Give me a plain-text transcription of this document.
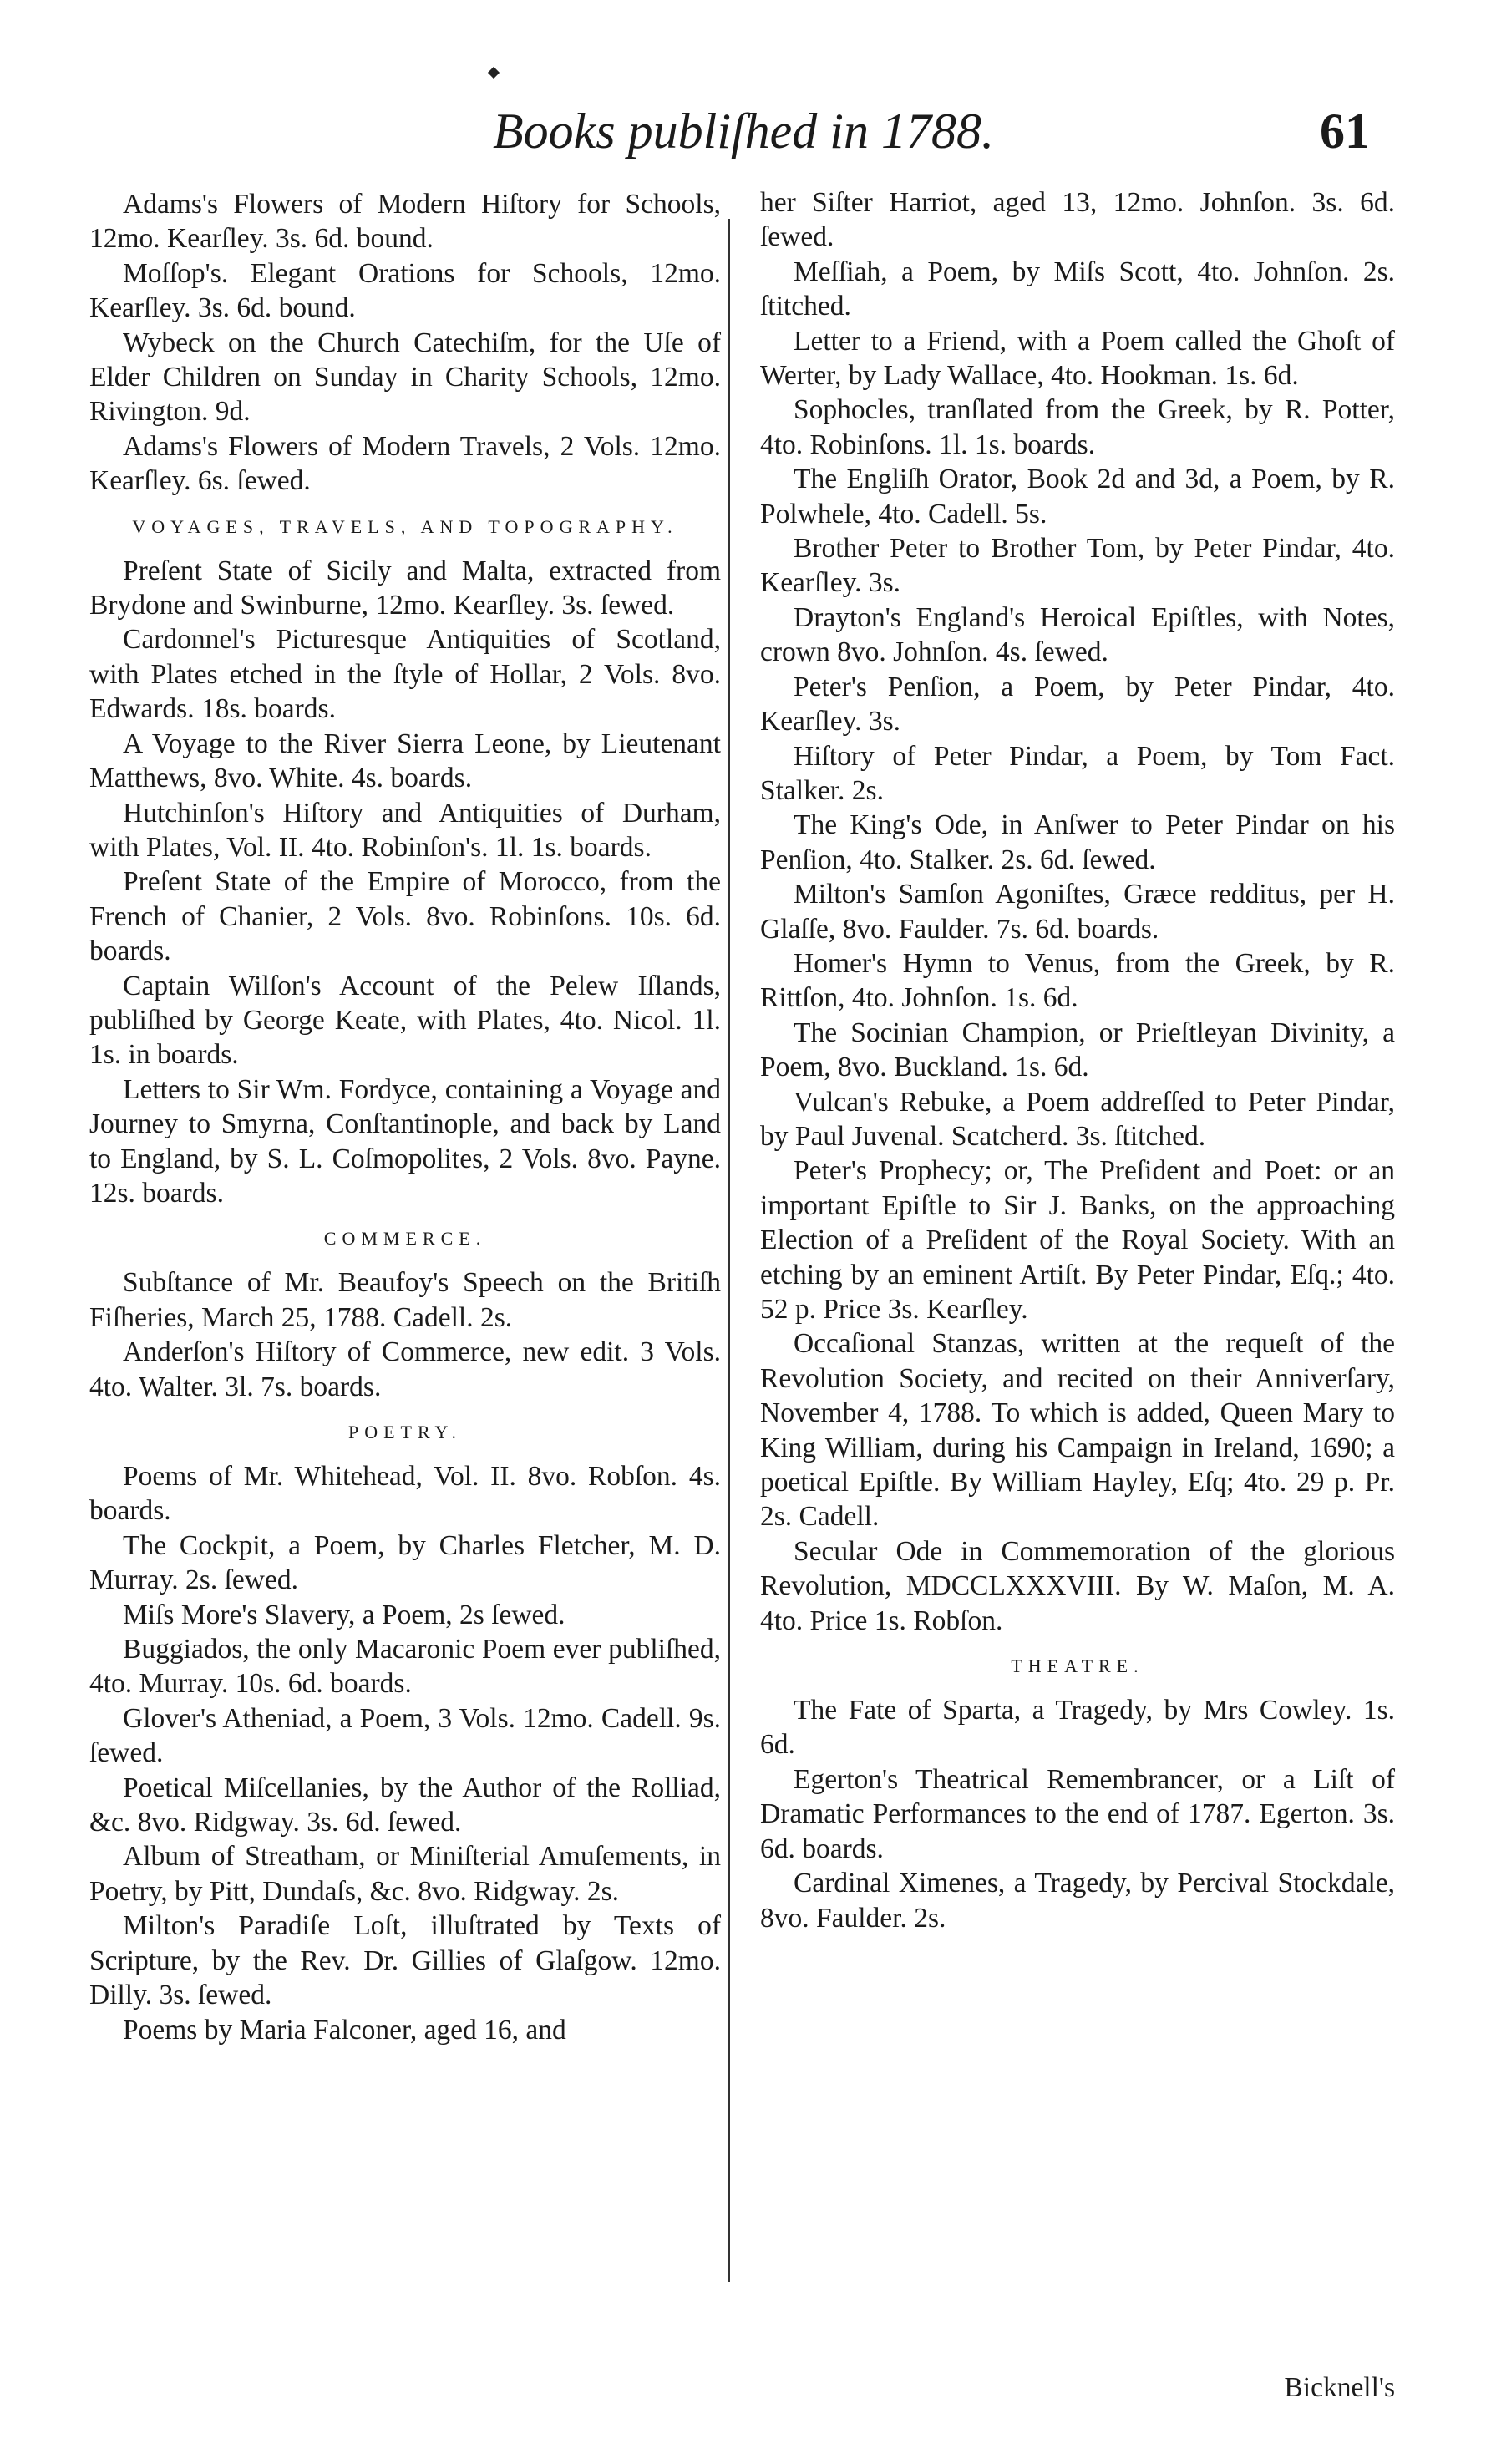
Books publiſhed in 1788.	61

Adams's Flowers of Modern Hiſtory for Schools, 12mo. Kearſley. 3s. 6d. bound.

Moſſop's. Elegant Orations for Schools, 12mo. Kearſley. 3s. 6d. bound.

Wybeck on the Church Catechiſm, for the Uſe of Elder Children on Sunday in Charity Schools, 12mo. Rivington. 9d.

Adams's Flowers of Modern Travels, 2 Vols. 12mo. Kearſley. 6s. ſewed.

VOYAGES, TRAVELS, AND TOPOGRAPHY.

Preſent State of Sicily and Malta, extracted from Brydone and Swinburne, 12mo. Kearſley. 3s. ſewed.

Cardonnel's Picturesque Antiquities of Scotland, with Plates etched in the ſtyle of Hollar, 2 Vols. 8vo. Edwards. 18s. boards.

A Voyage to the River Sierra Leone, by Lieutenant Matthews, 8vo. White. 4s. boards.

Hutchinſon's Hiſtory and Antiquities of Durham, with Plates, Vol. II. 4to. Robinſon's. 1l. 1s. boards.

Preſent State of the Empire of Morocco, from the French of Chanier, 2 Vols. 8vo. Robinſons. 10s. 6d. boards.

Captain Wilſon's Account of the Pelew Iſlands, publiſhed by George Keate, with Plates, 4to. Nicol. 1l. 1s. in boards.

Letters to Sir Wm. Fordyce, containing a Voyage and Journey to Smyrna, Conſtantinople, and back by Land to England, by S. L. Coſmopolites, 2 Vols. 8vo. Payne. 12s. boards.

COMMERCE.

Subſtance of Mr. Beaufoy's Speech on the Britiſh Fiſheries, March 25, 1788. Cadell. 2s.

Anderſon's Hiſtory of Commerce, new edit. 3 Vols. 4to. Walter. 3l. 7s. boards.

POETRY.

Poems of Mr. Whitehead, Vol. II. 8vo. Robſon. 4s. boards.

The Cockpit, a Poem, by Charles Fletcher, M. D. Murray. 2s. ſewed.

Miſs More's Slavery, a Poem, 2s ſewed.

Buggiados, the only Macaronic Poem ever publiſhed, 4to. Murray. 10s. 6d. boards.

Glover's Atheniad, a Poem, 3 Vols. 12mo. Cadell. 9s. ſewed.

Poetical Miſcellanies, by the Author of the Rolliad, &c. 8vo. Ridgway. 3s. 6d. ſewed.

Album of Streatham, or Miniſterial Amuſements, in Poetry, by Pitt, Dundaſs, &c. 8vo. Ridgway. 2s.

Milton's Paradiſe Loſt, illuſtrated by Texts of Scripture, by the Rev. Dr. Gillies of Glaſgow. 12mo. Dilly. 3s. ſewed.

Poems by Maria Falconer, aged 16, and

her Siſter Harriot, aged 13, 12mo. Johnſon. 3s. 6d. ſewed.

Meſſiah, a Poem, by Miſs Scott, 4to. Johnſon. 2s. ſtitched.

Letter to a Friend, with a Poem called the Ghoſt of Werter, by Lady Wallace, 4to. Hookman. 1s. 6d.

Sophocles, tranſlated from the Greek, by R. Potter, 4to. Robinſons. 1l. 1s. boards.

The Engliſh Orator, Book 2d and 3d, a Poem, by R. Polwhele, 4to. Cadell. 5s.

Brother Peter to Brother Tom, by Peter Pindar, 4to. Kearſley. 3s.

Drayton's England's Heroical Epiſtles, with Notes, crown 8vo. Johnſon. 4s. ſewed.

Peter's Penſion, a Poem, by Peter Pindar, 4to. Kearſley. 3s.

Hiſtory of Peter Pindar, a Poem, by Tom Fact. Stalker. 2s.

The King's Ode, in Anſwer to Peter Pindar on his Penſion, 4to. Stalker. 2s. 6d. ſewed.

Milton's Samſon Agoniſtes, Græce redditus, per H. Glaſſe, 8vo. Faulder. 7s. 6d. boards.

Homer's Hymn to Venus, from the Greek, by R. Rittſon, 4to. Johnſon. 1s. 6d.

The Socinian Champion, or Prieſtleyan Divinity, a Poem, 8vo. Buckland. 1s. 6d.

Vulcan's Rebuke, a Poem addreſſed to Peter Pindar, by Paul Juvenal. Scatcherd. 3s. ſtitched.

Peter's Prophecy; or, The Preſident and Poet: or an important Epiſtle to Sir J. Banks, on the approaching Election of a Preſident of the Royal Society. With an etching by an eminent Artiſt. By Peter Pindar, Eſq.; 4to. 52 p. Price 3s. Kearſley.

Occaſional Stanzas, written at the requeſt of the Revolution Society, and recited on their Anniverſary, November 4, 1788. To which is added, Queen Mary to King William, during his Campaign in Ireland, 1690; a poetical Epiſtle. By William Hayley, Eſq; 4to. 29 p. Pr. 2s. Cadell.

Secular Ode in Commemoration of the glorious Revolution, MDCCLXXXVIII. By W. Maſon, M. A. 4to. Price 1s. Robſon.

THEATRE.

The Fate of Sparta, a Tragedy, by Mrs Cowley. 1s. 6d.

Egerton's Theatrical Remembrancer, or a Liſt of Dramatic Performances to the end of 1787. Egerton. 3s. 6d. boards.

Cardinal Ximenes, a Tragedy, by Percival Stockdale, 8vo. Faulder. 2s.

Bicknell's
